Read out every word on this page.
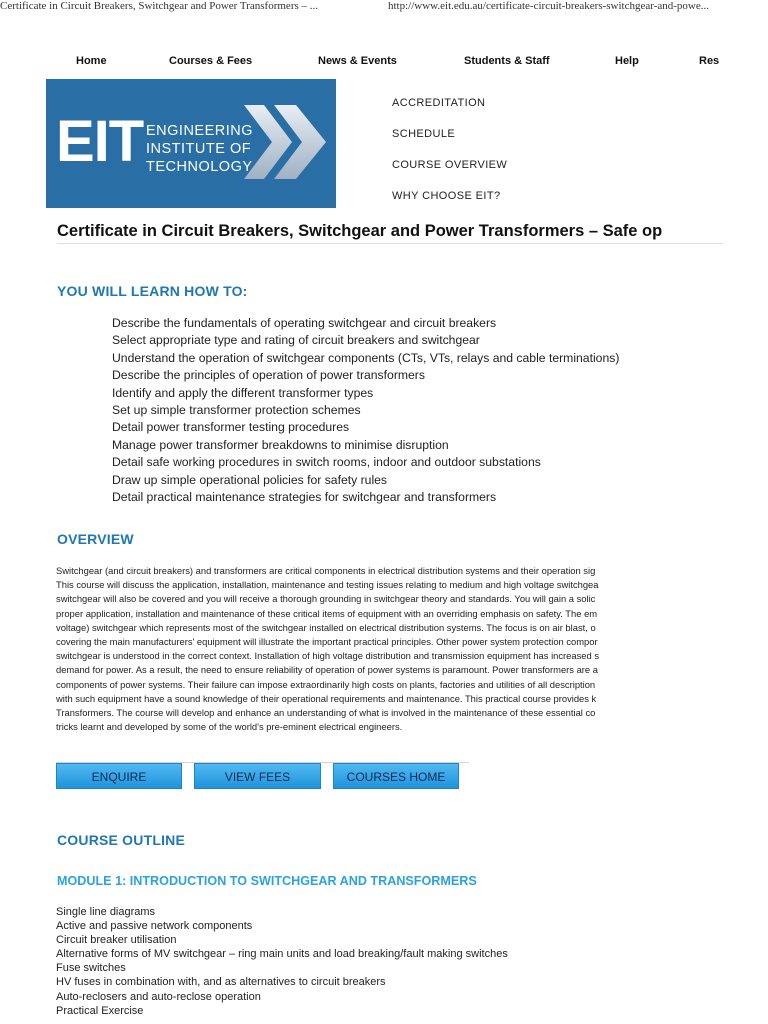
Certificate in Circuit Breakers, Switchgear and Power Transformers – ...	http://www.eit.edu.au/certificate-circuit-breakers-switchgear-and-powe...
Home	Courses & Fees	News & Events	Students & Staff	Help	Res
EIT ENGINEERING
INSTITUTE OF
TECHNOLOGY
ACCREDITATION
SCHEDULE
COURSE OVERVIEW
WHY CHOOSE EIT?
Certificate in Circuit Breakers, Switchgear and Power Transformers – Safe op
YOU WILL LEARN HOW TO:
Describe the fundamentals of operating switchgear and circuit breakers
Select appropriate type and rating of circuit breakers and switchgear
Understand the operation of switchgear components (CTs, VTs, relays and cable terminations)
Describe the principles of operation of power transformers
Identify and apply the different transformer types
Set up simple transformer protection schemes
Detail power transformer testing procedures
Manage power transformer breakdowns to minimise disruption
Detail safe working procedures in switch rooms, indoor and outdoor substations
Draw up simple operational policies for safety rules
Detail practical maintenance strategies for switchgear and transformers
OVERVIEW

Switchgear (and circuit breakers) and transformers are critical components in electrical distribution systems and their operation sig
This course will discuss the application, installation, maintenance and testing issues relating to medium and high voltage switchgea
switchgear will also be covered and you will receive a thorough grounding in switchgear theory and standards. You will gain a solic
proper application, installation and maintenance of these critical items of equipment with an overriding emphasis on safety. The em
voltage) switchgear which represents most of the switchgear installed on electrical distribution systems. The focus is on air blast, o
covering the main manufacturers' equipment will illustrate the important practical principles. Other power system protection compor
switchgear is understood in the correct context. Installation of high voltage distribution and transmission equipment has increased s
demand for power. As a result, the need to ensure reliability of operation of power systems is paramount. Power transformers are a
components of power systems. Their failure can impose extraordinarily high costs on plants, factories and utilities of all description
with such equipment have a sound knowledge of their operational requirements and maintenance. This practical course provides k
Transformers. The course will develop and enhance an understanding of what is involved in the maintenance of these essential co
tricks learnt and developed by some of the world's pre-eminent electrical engineers.

ENQUIRE	VIEW FEES	COURSES HOME
COURSE OUTLINE
MODULE 1: INTRODUCTION TO SWITCHGEAR AND TRANSFORMERS
Single line diagrams
Active and passive network components
Circuit breaker utilisation
Alternative forms of MV switchgear – ring main units and load breaking/fault making switches
Fuse switches
HV fuses in combination with, and as alternatives to circuit breakers
Auto-reclosers and auto-reclose operation
Practical Exercise
